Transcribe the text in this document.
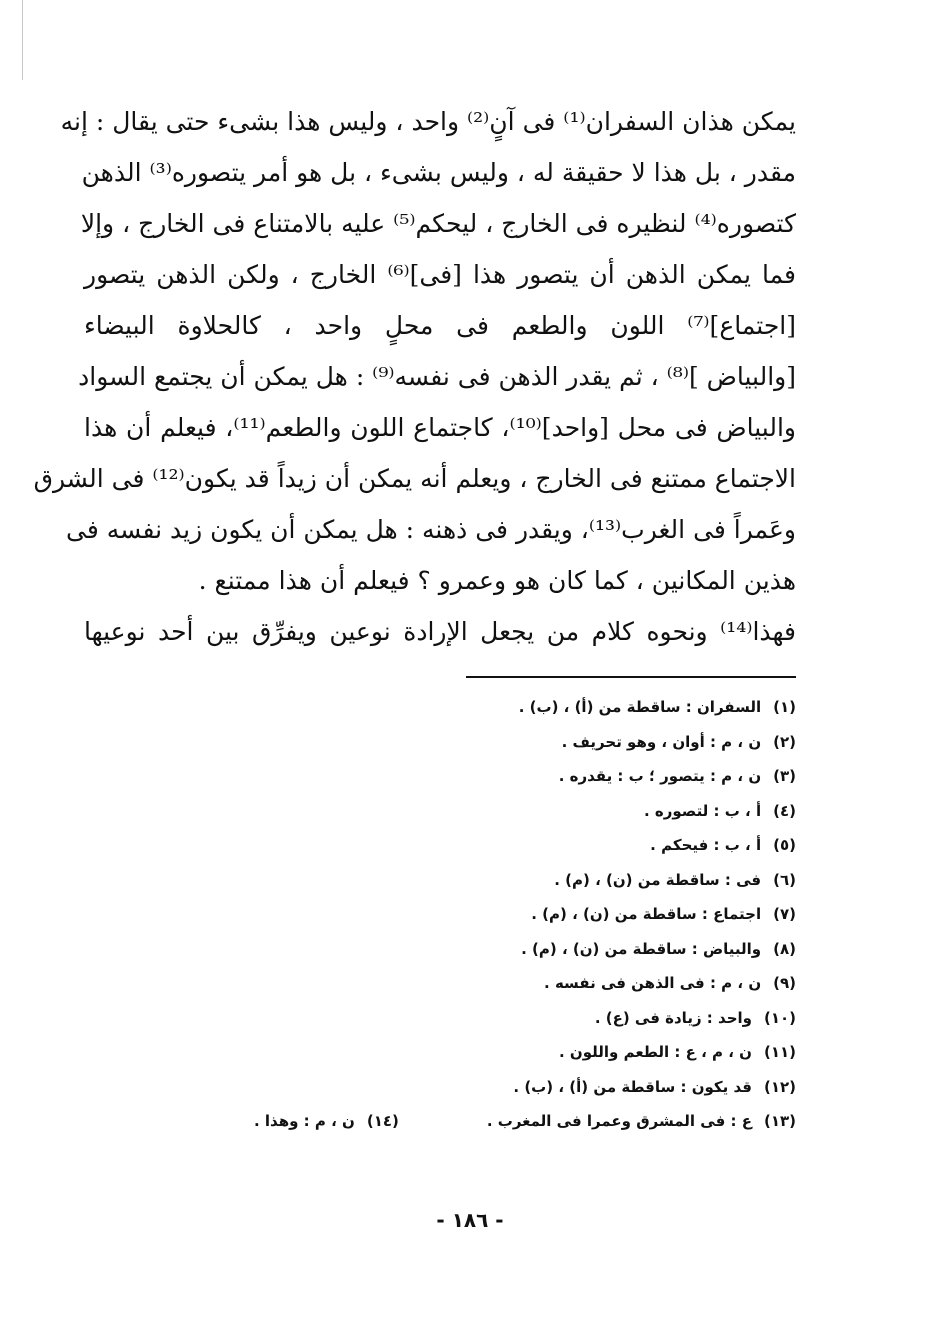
يمكن هذان السفران⁽¹⁾ فى آنٍ⁽²⁾ واحد ، وليس هذا بشىء حتى يقال : إنه
مقدر ، بل هذا لا حقيقة له ، وليس بشىء ، بل هو أمر يتصوره⁽³⁾ الذهن
كتصوره⁽⁴⁾ لنظيره فى الخارج ، ليحكم⁽⁵⁾ عليه بالامتناع فى الخارج ، وإلا
فما يمكن الذهن أن يتصور هذا [فى]⁽⁶⁾ الخارج ، ولكن الذهن يتصور
[اجتماع]⁽⁷⁾ اللون والطعم فى محلٍ واحد ، كالحلاوة البيضاء
[والبياض ]⁽⁸⁾ ، ثم يقدر الذهن فى نفسه⁽⁹⁾ : هل يمكن أن يجتمع السواد
والبياض فى محل [واحد]⁽¹⁰⁾، كاجتماع اللون والطعم⁽¹¹⁾، فيعلم أن هذا
الاجتماع ممتنع فى الخارج ، ويعلم أنه يمكن أن زيداً قد يكون⁽¹²⁾ فى الشرق
وعَمراً فى الغرب⁽¹³⁾، ويقدر فى ذهنه : هل يمكن أن يكون زيد نفسه فى
هذين المكانين ، كما كان هو وعمرو ؟ فيعلم أن هذا ممتنع .
فهذا⁽¹⁴⁾ ونحوه كلام من يجعل الإرادة نوعين ويفرِّق بين أحد نوعيها

(١)السفران : ساقطة من (أ) ، (ب) .
(٢)ن ، م : أوان ، وهو تحريف .
(٣)ن ، م : يتصور ؛ ب : يقدره .
(٤)أ ، ب : لتصوره .
(٥)أ ، ب : فيحكم .
(٦)فى : ساقطة من (ن) ، (م) .
(٧)اجتماع : ساقطة من (ن) ، (م) .
(٨)والبياض : ساقطة من (ن) ، (م) .
(٩)ن ، م : فى الذهن فى نفسه .
(١٠)واحد : زيادة فى (ع) .
(١١)ن ، م ، ع : الطعم واللون .
(١٢)قد يكون : ساقطة من (أ) ، (ب) .
(١٣)ع : فى المشرق وعمرا فى المغرب .
(١٤)ن ، م : وهذا .
- ١٨٦ -
